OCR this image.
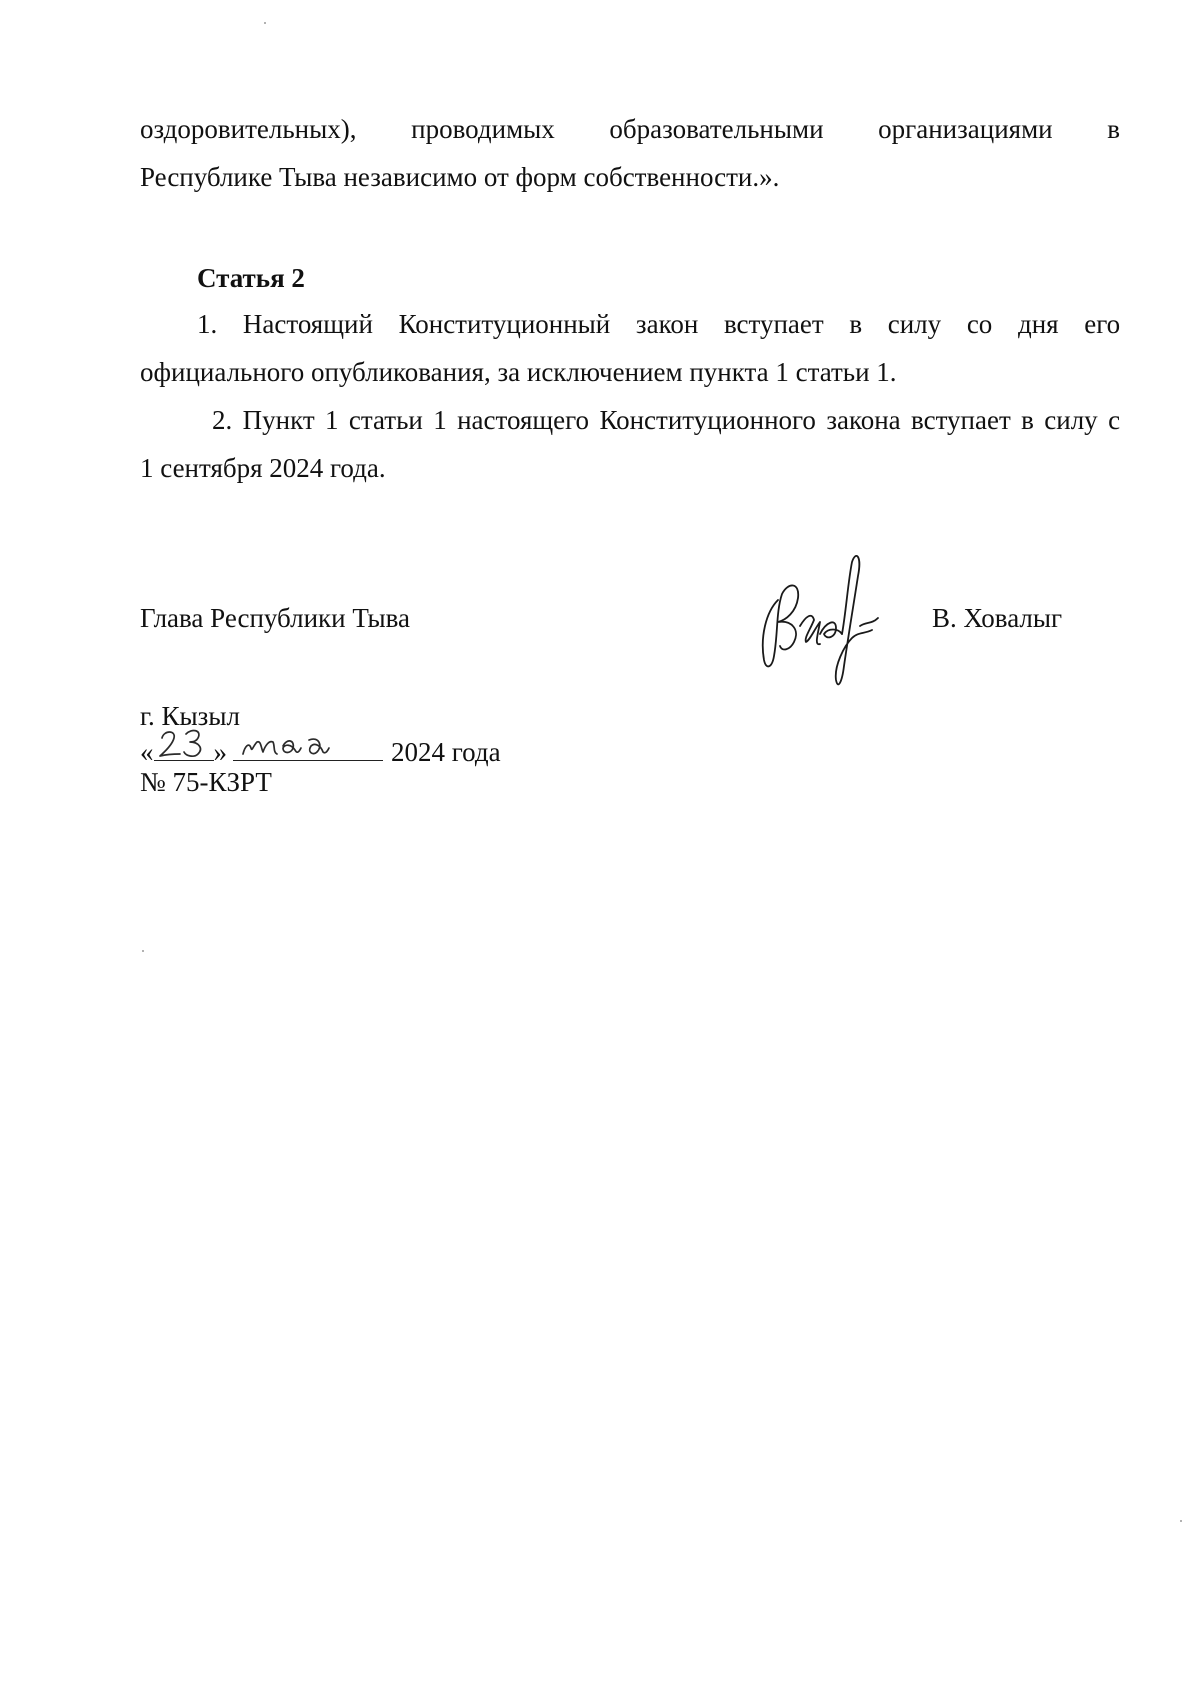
оздоровительных), проводимых образовательными организациями в
Республике Тыва независимо от форм собственности.».
Статья 2
1. Настоящий Конституционный закон вступает в силу со дня его
официального опубликования, за исключением пункта 1 статьи 1.
2. Пункт 1 статьи 1 настоящего Конституционного закона вступает в силу с
1 сентября 2024 года.
Глава Республики Тыва	В. Ховалыг
г. Кызыл
« »	2024 года
№ 75-КЗРТ
